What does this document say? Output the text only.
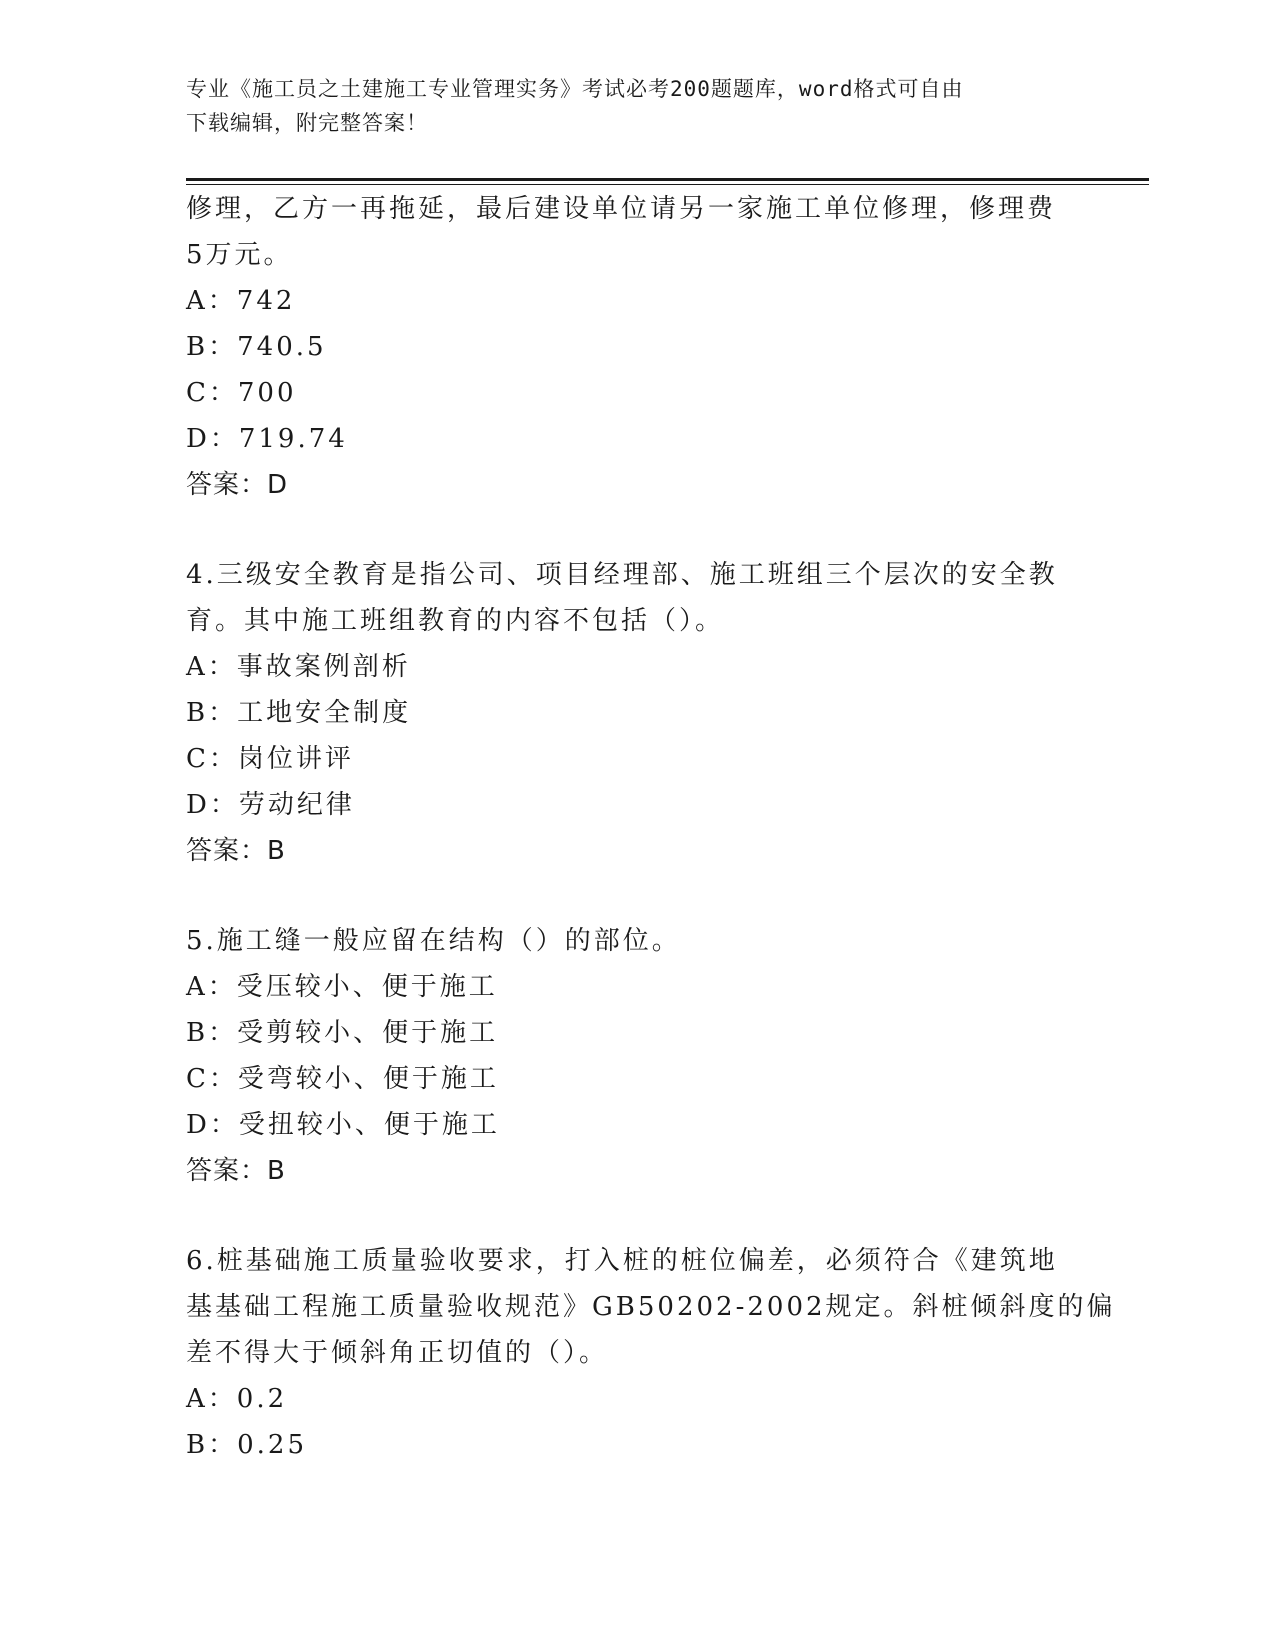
专业《施工员之土建施工专业管理实务》考试必考200题题库，word格式可自由
下载编辑，附完整答案！
修理，乙方一再拖延，最后建设单位请另一家施工单位修理，修理费
5万元。
A：742
B：740.5
C：700
D：719.74
答案：D
4.三级安全教育是指公司、项目经理部、施工班组三个层次的安全教
育。其中施工班组教育的内容不包括（）。
A：事故案例剖析
B：工地安全制度
C：岗位讲评
D：劳动纪律
答案：B
5.施工缝一般应留在结构（）的部位。
A：受压较小、便于施工
B：受剪较小、便于施工
C：受弯较小、便于施工
D：受扭较小、便于施工
答案：B
6.桩基础施工质量验收要求，打入桩的桩位偏差，必须符合《建筑地
基基础工程施工质量验收规范》GB50202-2002规定。斜桩倾斜度的偏
差不得大于倾斜角正切值的（）。
A：0.2
B：0.25
